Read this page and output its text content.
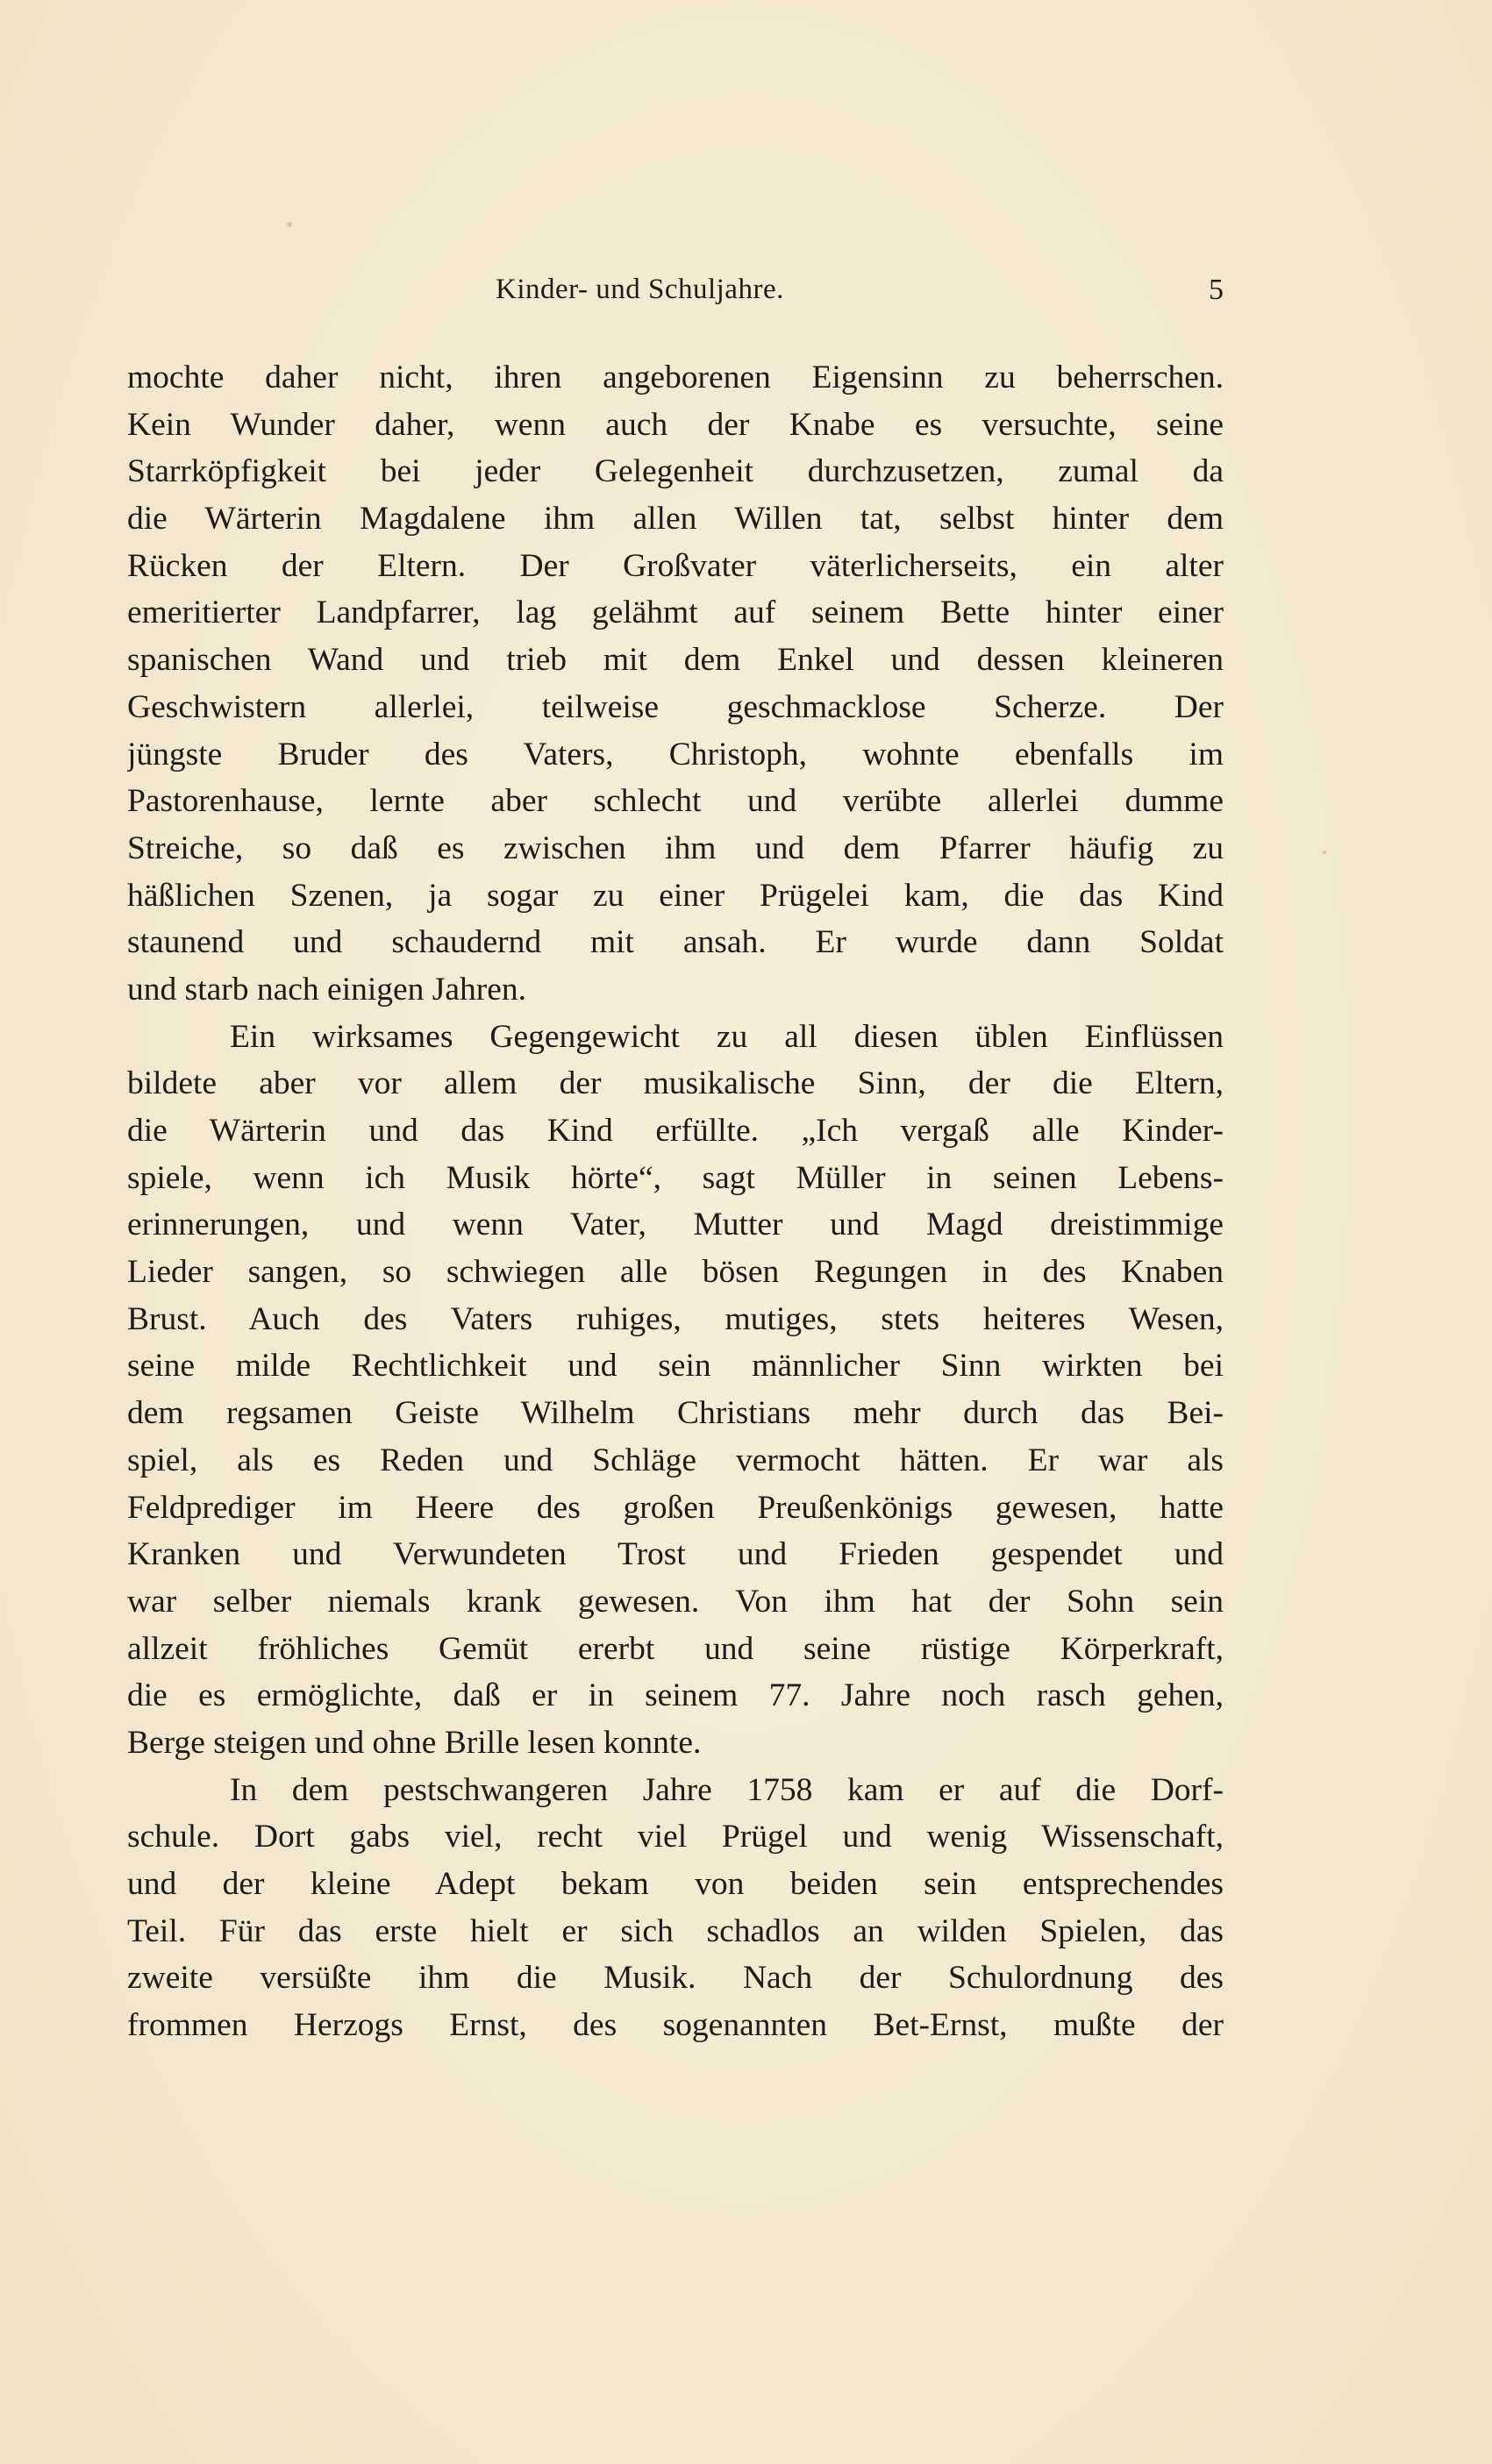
Kinder- und Schuljahre.	5
mochte daher nicht, ihren angeborenen Eigensinn zu beherrschen.
Kein Wunder daher, wenn auch der Knabe es versuchte, seine
Starrköpfigkeit bei jeder Gelegenheit durchzusetzen, zumal da
die Wärterin Magdalene ihm allen Willen tat, selbst hinter dem
Rücken der Eltern. Der Großvater väterlicherseits, ein alter
emeritierter Landpfarrer, lag gelähmt auf seinem Bette hinter einer
spanischen Wand und trieb mit dem Enkel und dessen kleineren
Geschwistern allerlei, teilweise geschmacklose Scherze. Der
jüngste Bruder des Vaters, Christoph, wohnte ebenfalls im
Pastorenhause, lernte aber schlecht und verübte allerlei dumme
Streiche, so daß es zwischen ihm und dem Pfarrer häufig zu
häßlichen Szenen, ja sogar zu einer Prügelei kam, die das Kind
staunend und schaudernd mit ansah. Er wurde dann Soldat
und starb nach einigen Jahren.
Ein wirksames Gegengewicht zu all diesen üblen Einflüssen
bildete aber vor allem der musikalische Sinn, der die Eltern,
die Wärterin und das Kind erfüllte. „Ich vergaß alle Kinder-
spiele, wenn ich Musik hörte“, sagt Müller in seinen Lebens-
erinnerungen, und wenn Vater, Mutter und Magd dreistimmige
Lieder sangen, so schwiegen alle bösen Regungen in des Knaben
Brust. Auch des Vaters ruhiges, mutiges, stets heiteres Wesen,
seine milde Rechtlichkeit und sein männlicher Sinn wirkten bei
dem regsamen Geiste Wilhelm Christians mehr durch das Bei-
spiel, als es Reden und Schläge vermocht hätten. Er war als
Feldprediger im Heere des großen Preußenkönigs gewesen, hatte
Kranken und Verwundeten Trost und Frieden gespendet und
war selber niemals krank gewesen. Von ihm hat der Sohn sein
allzeit fröhliches Gemüt ererbt und seine rüstige Körperkraft,
die es ermöglichte, daß er in seinem 77. Jahre noch rasch gehen,
Berge steigen und ohne Brille lesen konnte.
In dem pestschwangeren Jahre 1758 kam er auf die Dorf-
schule. Dort gabs viel, recht viel Prügel und wenig Wissenschaft,
und der kleine Adept bekam von beiden sein entsprechendes
Teil. Für das erste hielt er sich schadlos an wilden Spielen, das
zweite versüßte ihm die Musik. Nach der Schulordnung des
frommen Herzogs Ernst, des sogenannten Bet-Ernst, mußte der
